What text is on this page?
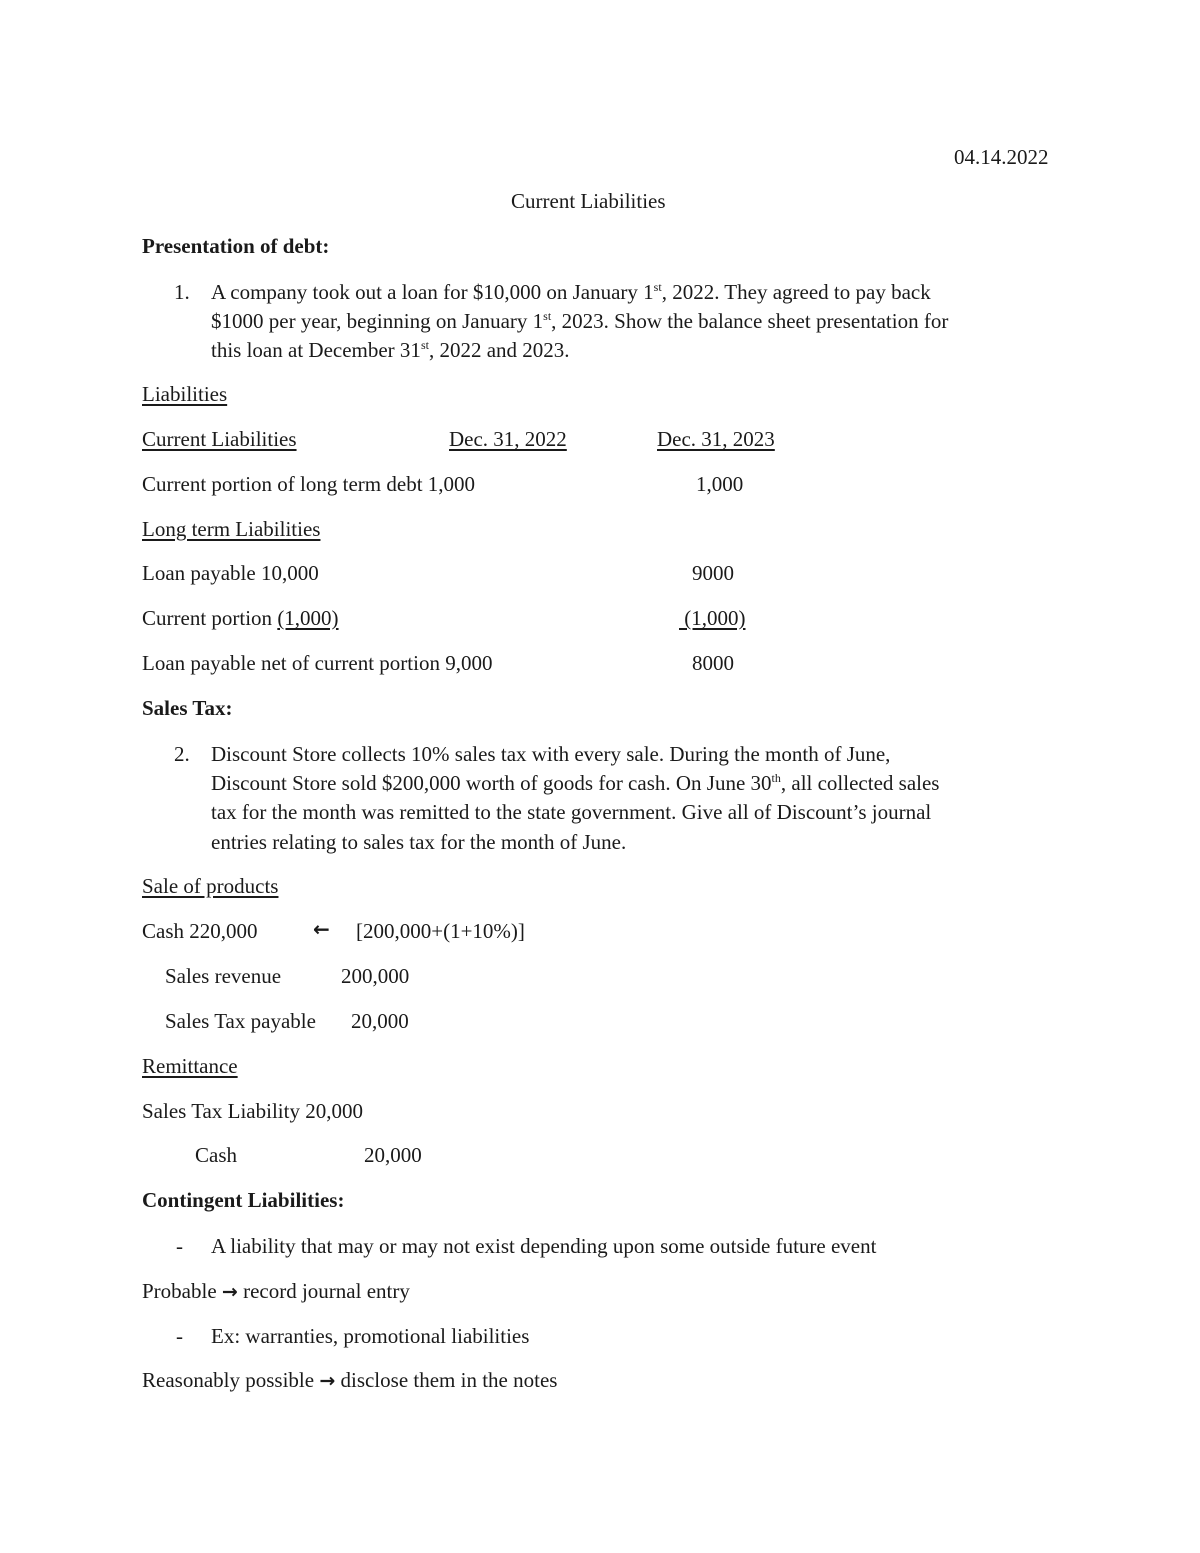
04.14.2022
Current Liabilities
Presentation of debt:
1. A company took out a loan for $10,000 on January 1st, 2022. They agreed to pay back
$1000 per year, beginning on January 1st, 2023. Show the balance sheet presentation for
this loan at December 31st, 2022 and 2023.
Liabilities
Current Liabilities	Dec. 31, 2022	Dec. 31, 2023
Current portion of long term debt 1,000	1,000
Long term Liabilities
Loan payable 10,000	9000
Current portion (1,000)	(1,000)
Loan payable net of current portion 9,000	8000
Sales Tax:
2. Discount Store collects 10% sales tax with every sale. During the month of June,
Discount Store sold $200,000 worth of goods for cash. On June 30th, all collected sales
tax for the month was remitted to the state government. Give all of Discount’s journal
entries relating to sales tax for the month of June.
Sale of products
Cash 220,000	← [200,000+(1+10%)]
Sales revenue	200,000
Sales Tax payable 20,000
Remittance
Sales Tax Liability 20,000
Cash	20,000
Contingent Liabilities:
- A liability that may or may not exist depending upon some outside future event
Probable → record journal entry
- Ex: warranties, promotional liabilities
Reasonably possible → disclose them in the notes
